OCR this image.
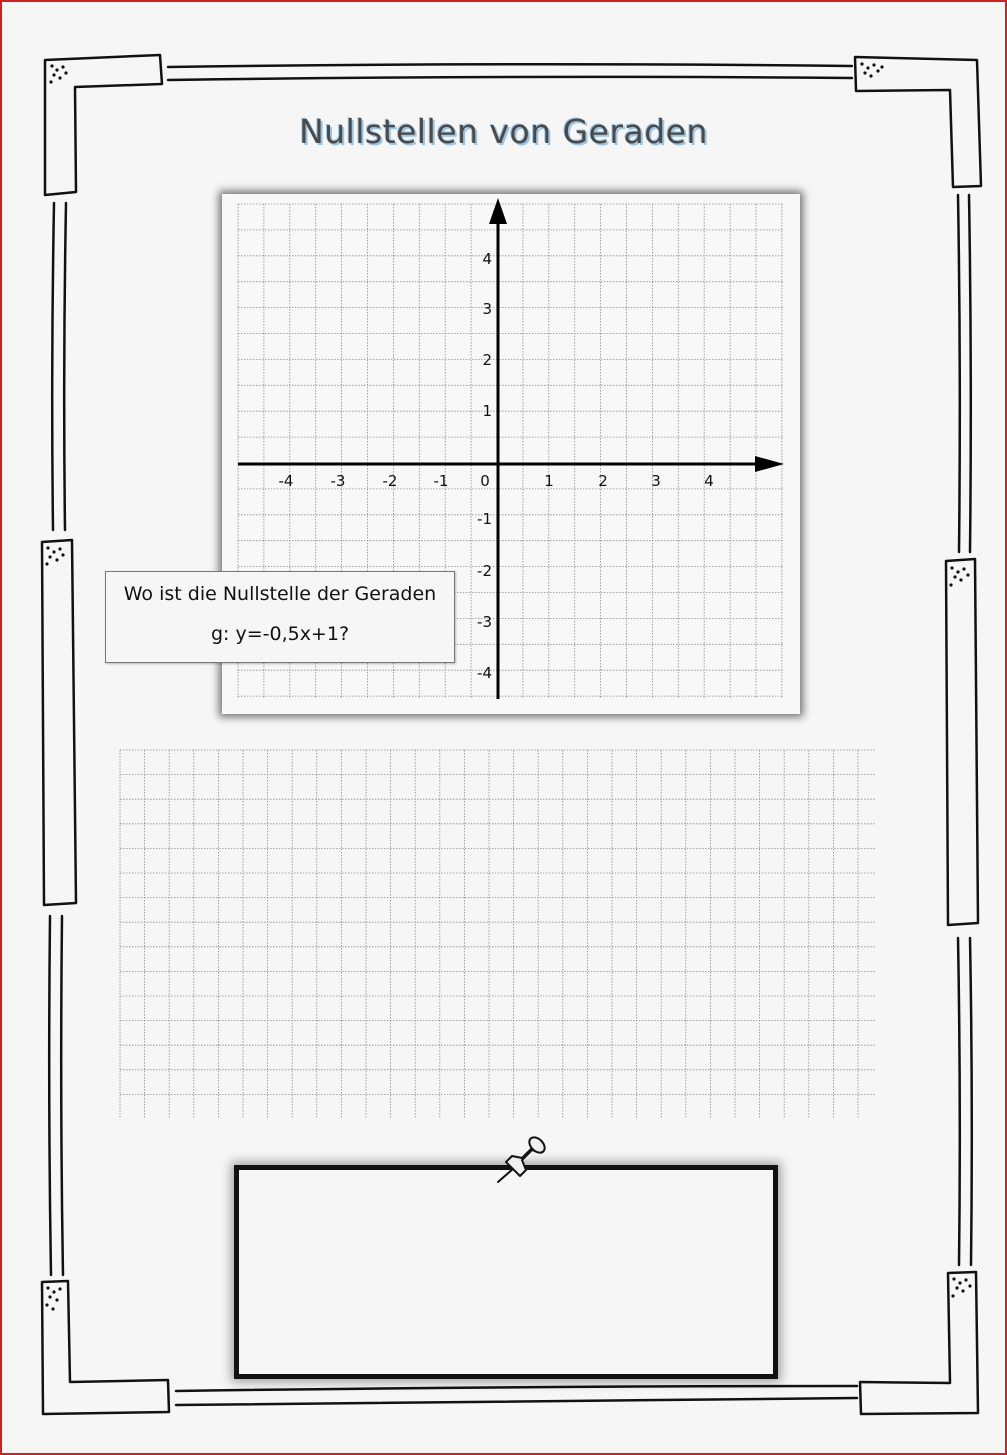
Nullstellen von Geraden
-4 -3 -2 -1 0	1	2	3	4
4
3
2
1
-1
-2
-3
-4
Wo ist die Nullstelle der Geraden
g: y=-0,5x+1?
